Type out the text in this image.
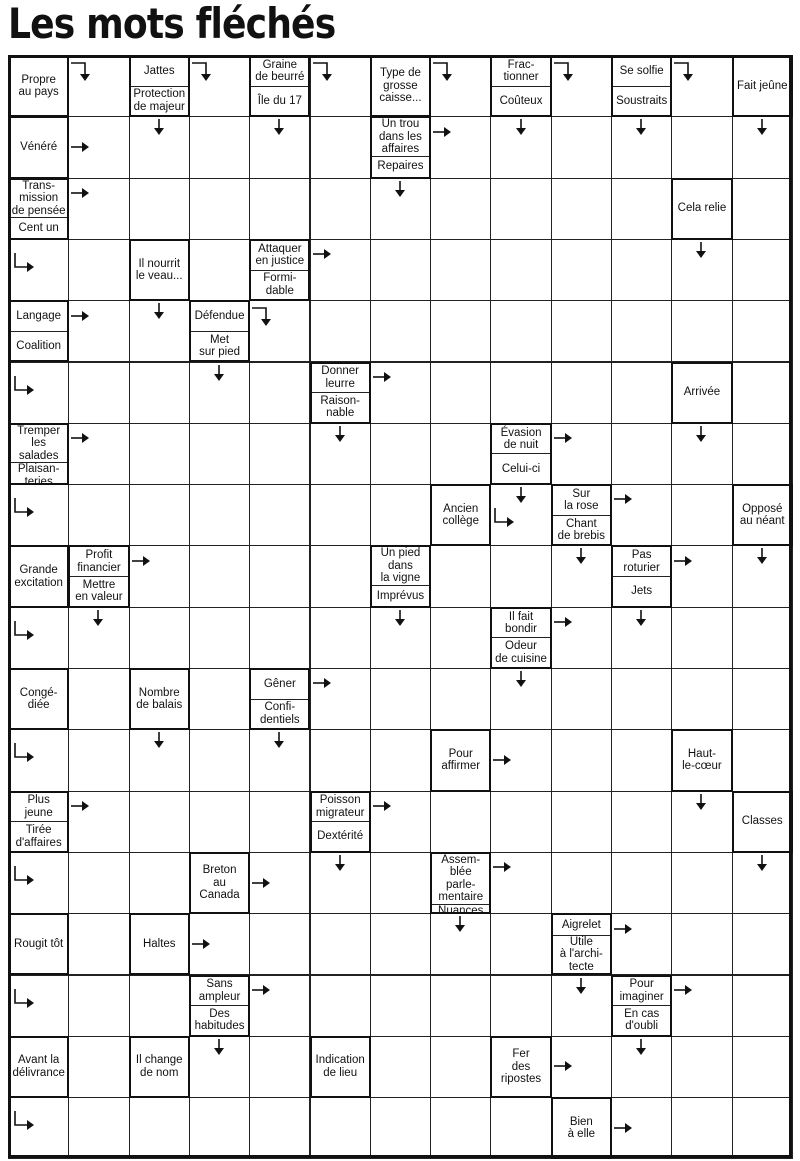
Les mots fléchés
Propre
au pays
Jattes
Protection
de majeur
Graine
de beurré
Île du 17
Type de
grosse
caisse...
Frac-
tionner
Coûteux
Se solfie
Soustraits
Fait jeûne
Vénéré
Un trou
dans les
affaires
Repaires
Trans-
mission
de pensée
Cent un
Cela relie
Il nourrit
le veau...
Attaquer
en justice
Formi-
dable
Langage
Coalition
Défendue
Met
sur pied
Donner
leurre
Raison-
nable
Arrivée
Tremper
les
salades
Plaisan-
teries
Évasion
de nuit
Celui-ci
Ancien
collège
Sur
la rose
Chant
de brebis
Opposé
au néant
Grande
excitation
Profit
financier
Mettre
en valeur
Un pied
dans
la vigne
Imprévus
Pas
roturier
Jets
Il fait
bondir
Odeur
de cuisine
Congé-
diée
Nombre
de balais
Gêner
Confi-
dentiels
Pour
affirmer
Haut-
le-cœur
Plus
jeune
Tirée
d'affaires
Poisson
migrateur
Dextérité
Classes
Breton
au
Canada
Assem-
blée
parle-
mentaire
Nuances
Rougit tôt	Haltes
Aigrelet
Utile
à l'archi-
tecte
Sans
ampleur
Des
habitudes
Pour
imaginer
En cas
d'oubli
Avant la
délivrance
Il change
de nom
Indication
de lieu
Fer
des
ripostes
Bien
à elle
